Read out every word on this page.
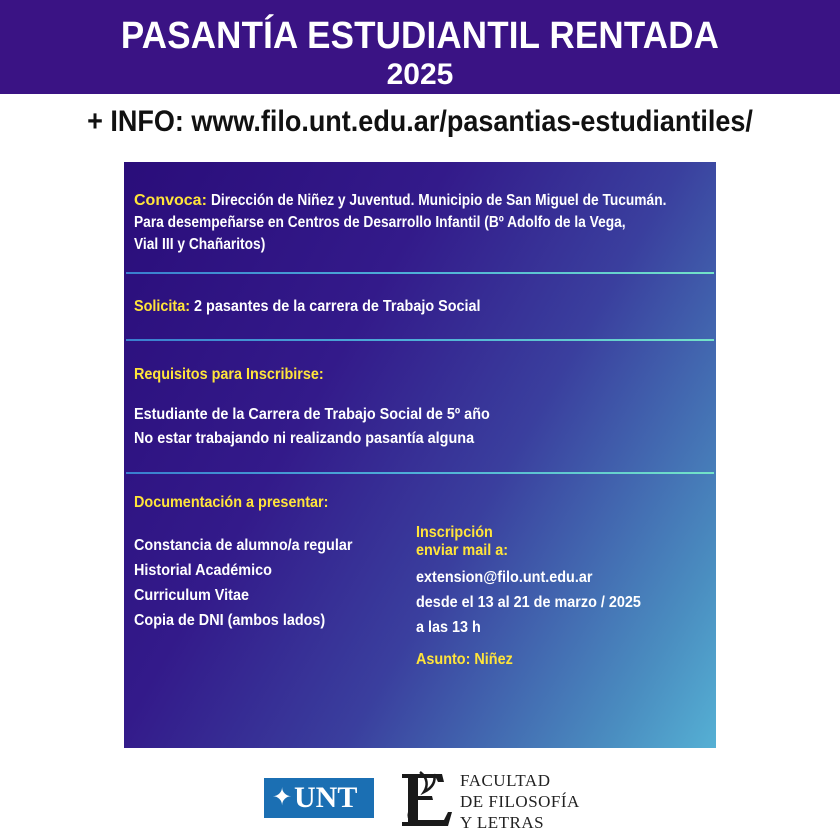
PASANTÍA ESTUDIANTIL RENTADA
2025
+ INFO: www.filo.unt.edu.ar/pasantias-estudiantiles/
Convoca: Dirección de Niñez y Juventud. Municipio de San Miguel de Tucumán.
Para desempeñarse en Centros de Desarrollo Infantil (Bº Adolfo de la Vega,
Vial III y Chañaritos)
Solicita: 2 pasantes de la carrera de Trabajo Social
Requisitos para Inscribirse:
Estudiante de la Carrera de Trabajo Social de 5º año
No estar trabajando ni realizando pasantía alguna
Documentación a presentar:
Constancia de alumno/a regular
Historial Académico
Curriculum Vitae
Copia de DNI (ambos lados)
Inscripción
enviar mail a:
extension@filo.unt.edu.ar
desde el 13 al 21 de marzo / 2025
a las 13 h
Asunto: Niñez
✦ UNT
FACULTAD
DE FILOSOFÍA
Y LETRAS
